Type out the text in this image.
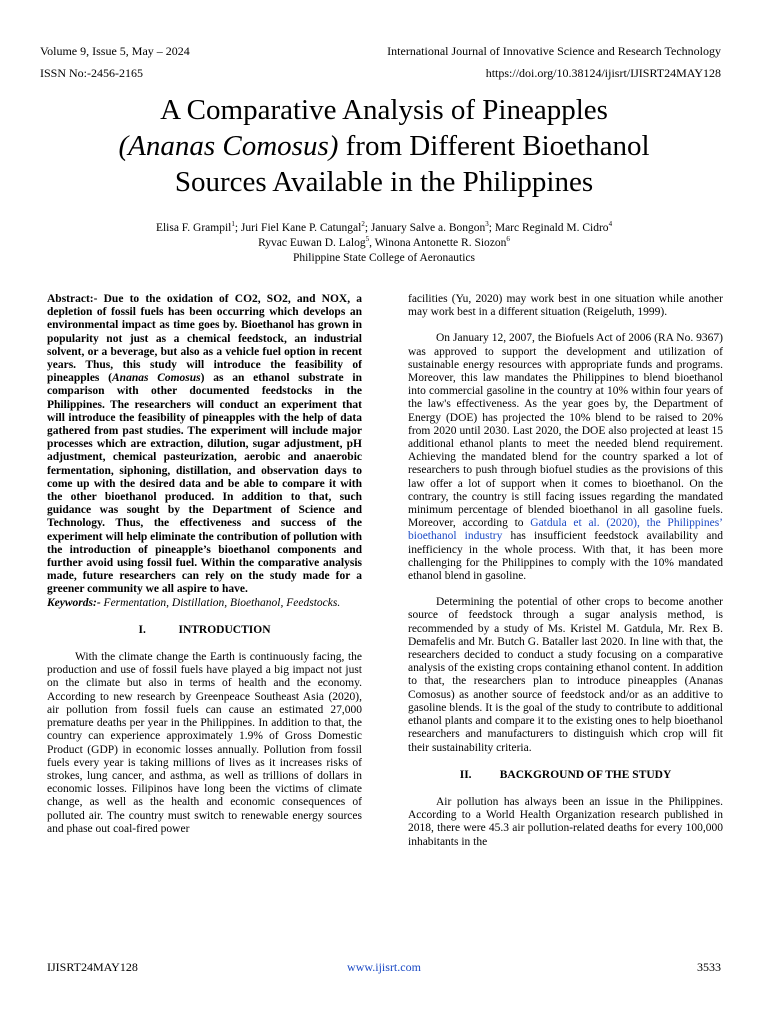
Volume 9, Issue 5, May – 2024	International Journal of Innovative Science and Research Technology
ISSN No:-2456-2165	https://doi.org/10.38124/ijisrt/IJISRT24MAY128
A Comparative Analysis of Pineapples
(Ananas Comosus) from Different Bioethanol
Sources Available in the Philippines
Elisa F. Grampil$^1$; Juri Fiel Kane P. Catungal$^2$; January Salve a. Bongon$^3$; Marc Reginald M. Cidro$^4$
Ryvac Euwan D. Lalog$^5$, Winona Antonette R. Siozon$^6$
Philippine State College of Aeronautics

Abstract:- Due to the oxidation of CO2, SO2, and NOX, a depletion of fossil fuels has been occurring which develops an environmental impact as time goes by. Bioethanol has grown in popularity not just as a chemical feedstock, an industrial solvent, or a beverage, but also as a vehicle fuel option in recent years. Thus, this study will introduce the feasibility of pineapples (Ananas Comosus) as an ethanol substrate in comparison with other documented feedstocks in the Philippines. The researchers will conduct an experiment that will introduce the feasibility of pineapples with the help of data gathered from past studies. The experiment will include major processes which are extraction, dilution, sugar adjustment, pH adjustment, chemical pasteurization, aerobic and anaerobic fermentation, siphoning, distillation, and observation days to come up with the desired data and be able to compare it with the other bioethanol produced. In addition to that, such guidance was sought by the Department of Science and Technology. Thus, the effectiveness and success of the experiment will help eliminate the contribution of pollution with the introduction of pineapple’s bioethanol components and further avoid using fossil fuel. Within the comparative analysis made, future researchers can rely on the study made for a greener community we all aspire to have.

Keywords:- Fermentation, Distillation, Bioethanol, Feedstocks.

I.	INTRODUCTION

With the climate change the Earth is continuously facing, the production and use of fossil fuels have played a big impact not just on the climate but also in terms of health and the economy. According to new research by Greenpeace Southeast Asia (2020), air pollution from fossil fuels can cause an estimated 27,000 premature deaths per year in the Philippines. In addition to that, the country can experience approximately 1.9% of Gross Domestic Product (GDP) in economic losses annually. Pollution from fossil fuels every year is taking millions of lives as it increases risks of strokes, lung cancer, and asthma, as well as trillions of dollars in economic losses. Filipinos have long been the victims of climate change, as well as the health and economic consequences of polluted air. The country must switch to renewable energy sources and phase out coal-fired power

facilities (Yu, 2020) may work best in one situation while another may work best in a different situation (Reigeluth, 1999).

On January 12, 2007, the Biofuels Act of 2006 (RA No. 9367) was approved to support the development and utilization of sustainable energy resources with appropriate funds and programs. Moreover, this law mandates the Philippines to blend bioethanol into commercial gasoline in the country at 10% within four years of the law's effectiveness. As the year goes by, the Department of Energy (DOE) has projected the 10% blend to be raised to 20% from 2020 until 2030. Last 2020, the DOE also projected at least 15 additional ethanol plants to meet the needed blend requirement. Achieving the mandated blend for the country sparked a lot of researchers to push through biofuel studies as the provisions of this law offer a lot of support when it comes to bioethanol. On the contrary, the country is still facing issues regarding the mandated minimum percentage of blended bioethanol in all gasoline fuels. Moreover, according to Gatdula et al. (2020), the Philippines’ bioethanol industry has insufficient feedstock availability and inefficiency in the whole process. With that, it has been more challenging for the Philippines to comply with the 10% mandated ethanol blend in gasoline.

Determining the potential of other crops to become another source of feedstock through a sugar analysis method, is recommended by a study of Ms. Kristel M. Gatdula, Mr. Rex B. Demafelis and Mr. Butch G. Bataller last 2020. In line with that, the researchers decided to conduct a study focusing on a comparative analysis of the existing crops containing ethanol content. In addition to that, the researchers plan to introduce pineapples (Ananas Comosus) as another source of feedstock and/or as an additive to gasoline blends. It is the goal of the study to contribute to additional ethanol plants and compare it to the existing ones to help bioethanol researchers and manufacturers to distinguish which crop will fit their sustainability criteria.

II. BACKGROUND OF THE STUDY

Air pollution has always been an issue in the Philippines. According to a World Health Organization research published in 2018, there were 45.3 air pollution-related deaths for every 100,000 inhabitants in the

IJISRT24MAY128	www.ijisrt.com	3533
